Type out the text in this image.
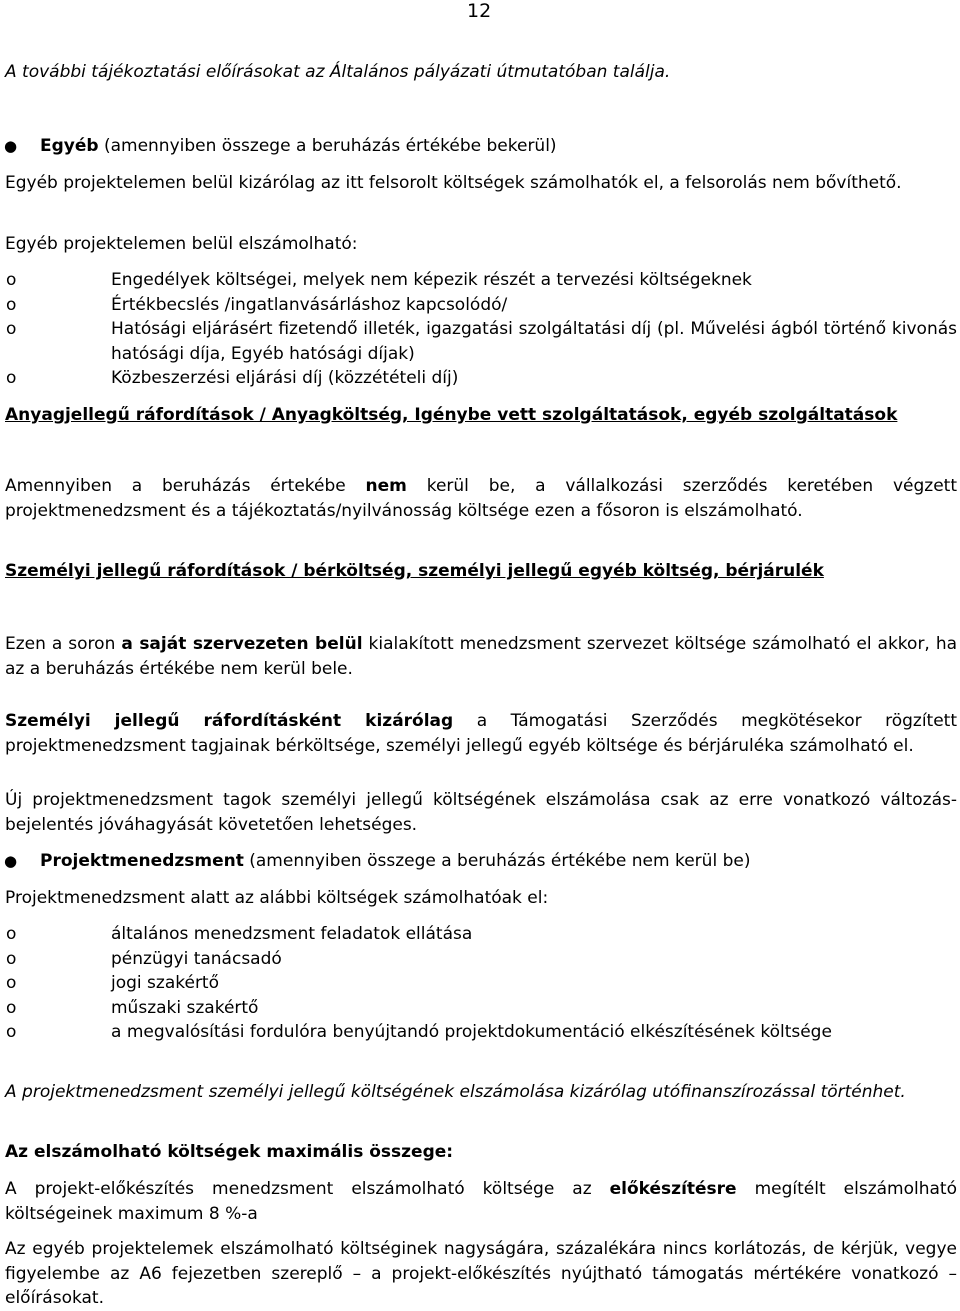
12

A további tájékoztatási előírásokat az Általános pályázati útmutatóban találja.

● Egyéb (amennyiben összege a beruházás értékébe bekerül)

Egyéb projektelemen belül kizárólag az itt felsorolt költségek számolhatók el, a felsorolás nem bővíthető.

Egyéb projektelemen belül elszámolható:

o	Engedélyek költségei, melyek nem képezik részét a tervezési költségeknek
o	Értékbecslés /ingatlanvásárláshoz kapcsolódó/
o	Hatósági eljárásért fizetendő illeték, igazgatási szolgáltatási díj (pl. Művelési ágból történő kivonás hatósági díja, Egyéb hatósági díjak)
o	Közbeszerzési eljárási díj (közzétételi díj)

Anyagjellegű ráfordítások / Anyagköltség, Igénybe vett szolgáltatások, egyéb szolgáltatások

Amennyiben a beruházás értekébe nem kerül be, a vállalkozási szerződés keretében végzett projektmenedzsment és a tájékoztatás/nyilvánosság költsége ezen a fősoron is elszámolható.

Személyi jellegű ráfordítások / bérköltség, személyi jellegű egyéb költség, bérjárulék

Ezen a soron a saját szervezeten belül kialakított menedzsment szervezet költsége számolható el akkor, ha az a beruházás értékébe nem kerül bele.

Személyi jellegű ráfordításként kizárólag a Támogatási Szerződés megkötésekor rögzített projektmenedzsment tagjainak bérköltsége, személyi jellegű egyéb költsége és bérjáruléka számolható el.

Új projektmenedzsment tagok személyi jellegű költségének elszámolása csak az erre vonatkozó változás-bejelentés jóváhagyását követetően lehetséges.

● Projektmenedzsment (amennyiben összege a beruházás értékébe nem kerül be)

Projektmenedzsment alatt az alábbi költségek számolhatóak el:

o	általános menedzsment feladatok ellátása
o	pénzügyi tanácsadó
o	jogi szakértő
o	műszaki szakértő
o	a megvalósítási fordulóra benyújtandó projektdokumentáció elkészítésének költsége

A projektmenedzsment személyi jellegű költségének elszámolása kizárólag utófinanszírozással történhet.

Az elszámolható költségek maximális összege:

A projekt-előkészítés menedzsment elszámolható költsége az előkészítésre megítélt elszámolható költségeinek maximum 8 %-a

Az egyéb projektelemek elszámolható költséginek nagyságára, százalékára nincs korlátozás, de kérjük, vegye figyelembe az A6 fejezetben szereplő – a projekt-előkészítés nyújtható támogatás mértékére vonatkozó – előírásokat.
